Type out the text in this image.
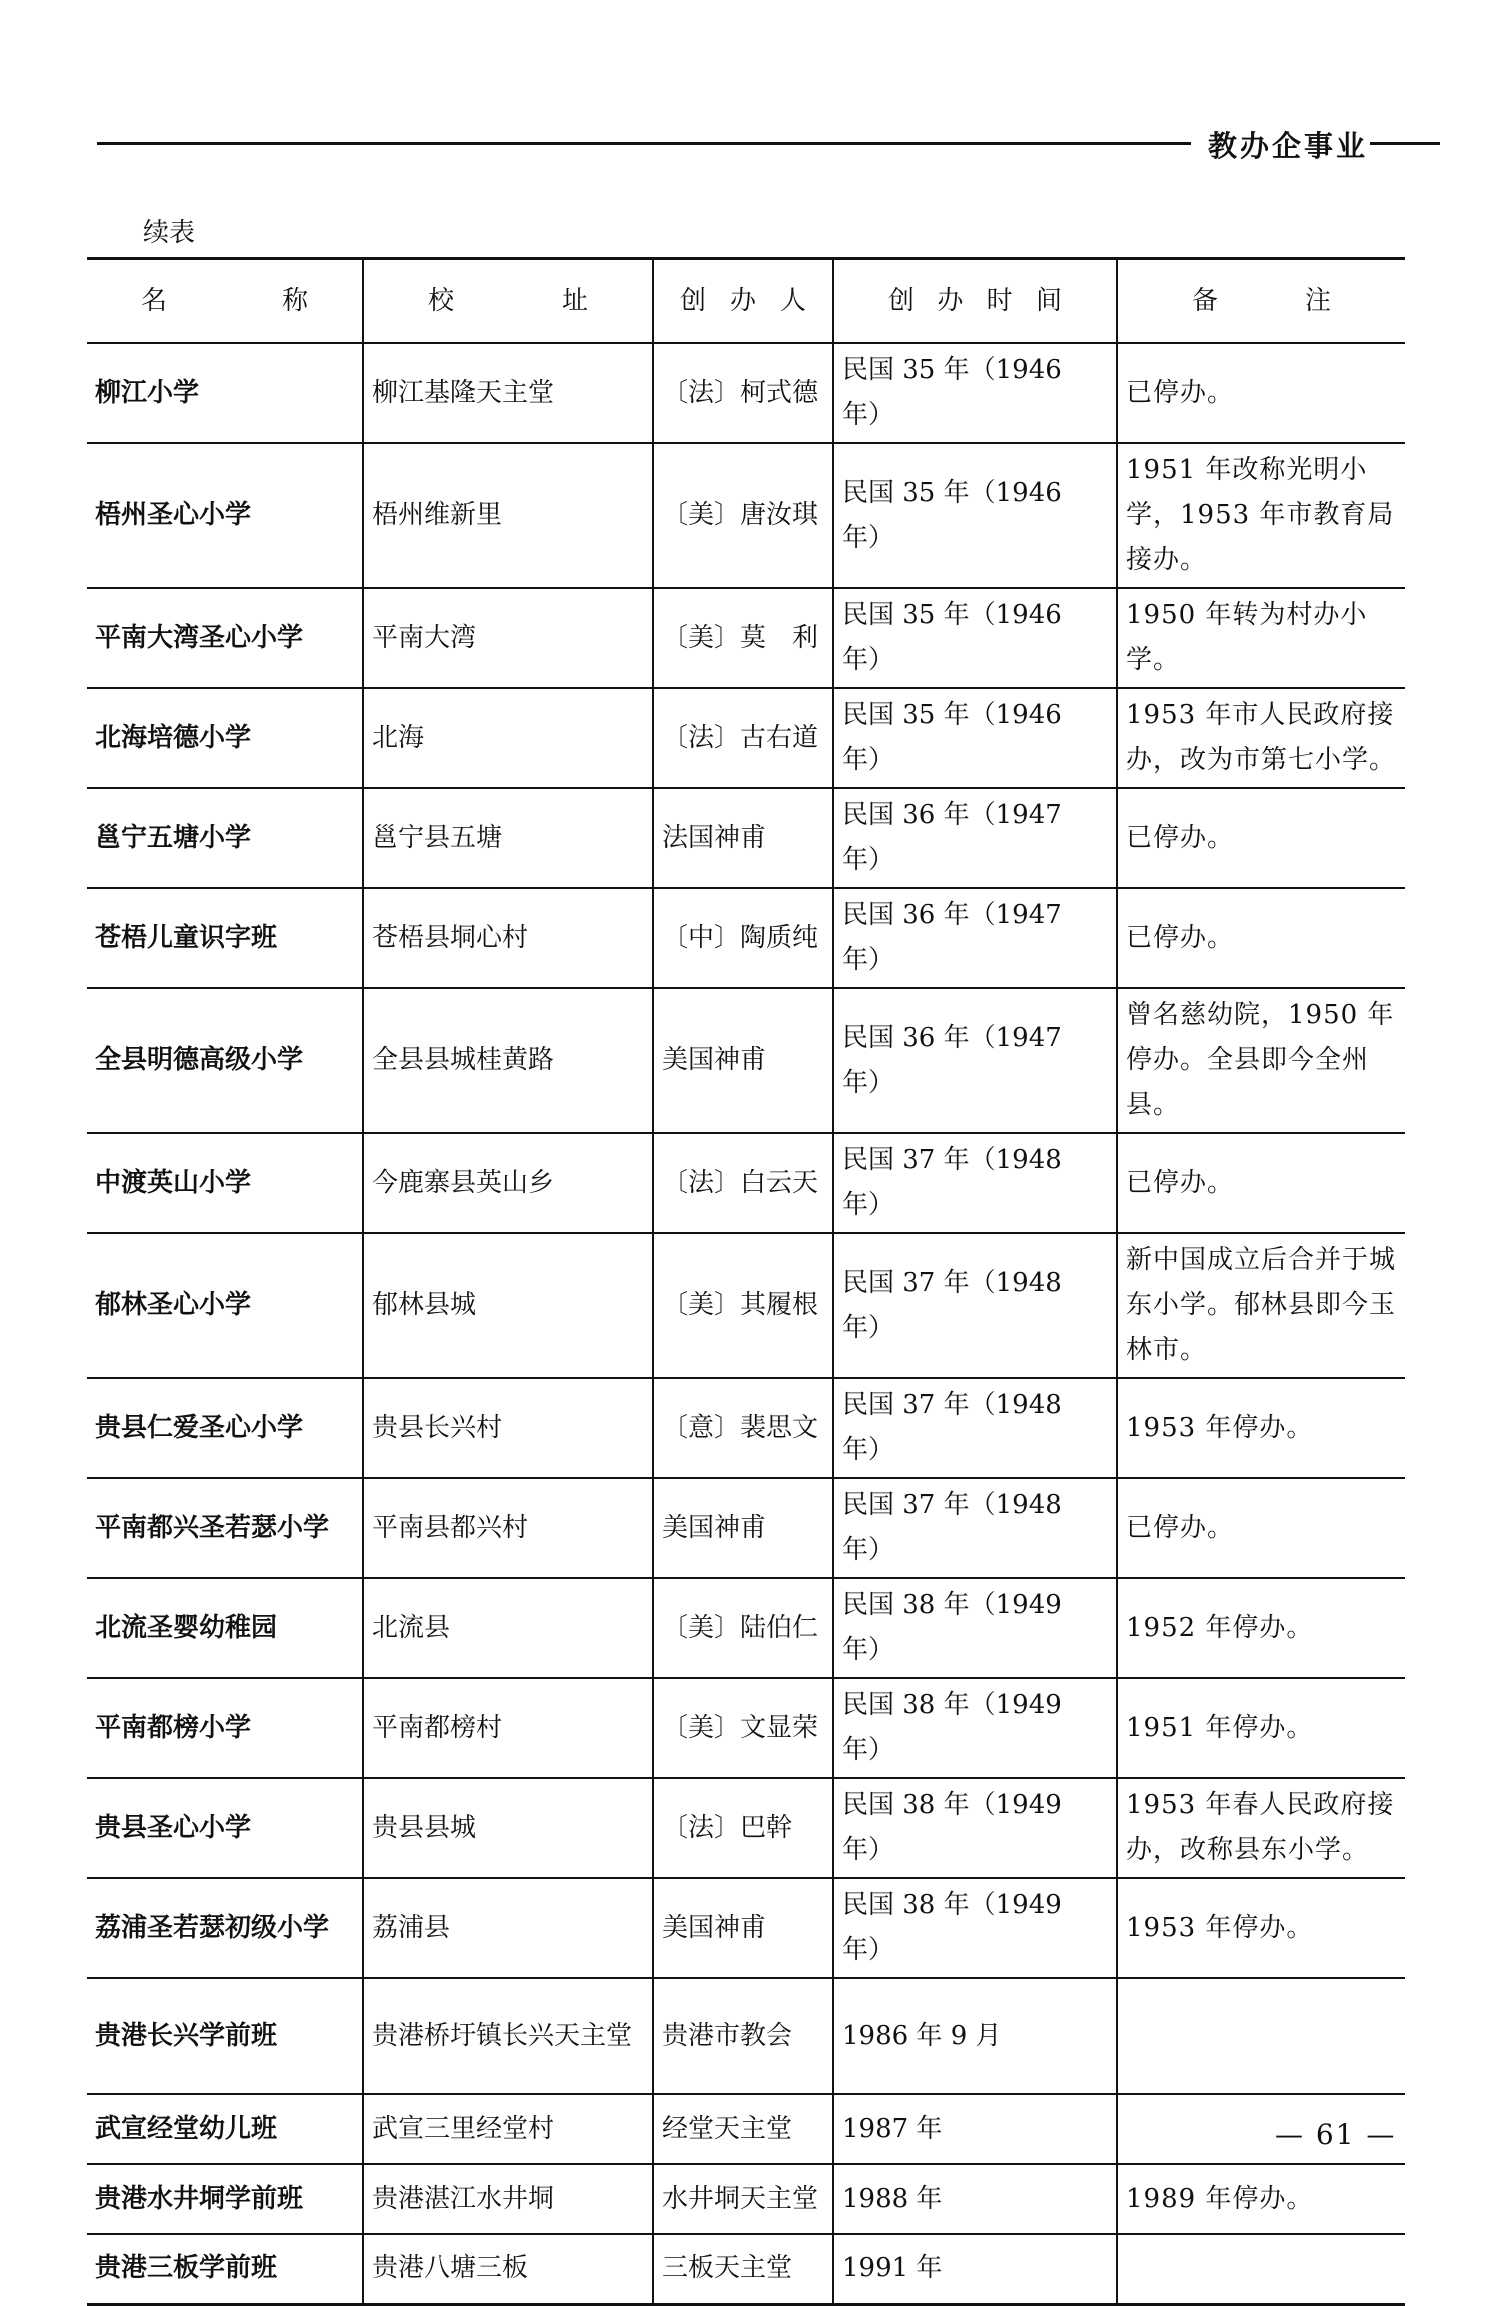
教办企事业
续表
名称	校址	创办人	创办时间	备注

柳江小学	柳江基隆天主堂	〔法〕柯式德	民国 35 年（1946 年）	已停办。
梧州圣心小学	梧州维新里	〔美〕唐汝琪	民国 35 年（1946 年）	1951 年改称光明小学，1953 年市教育局接办。
平南大湾圣心小学	平南大湾	〔美〕莫　利	民国 35 年（1946 年）	1950 年转为村办小学。
北海培德小学	北海	〔法〕古右道	民国 35 年（1946 年）	1953 年市人民政府接办，改为市第七小学。
邕宁五塘小学	邕宁县五塘	法国神甫	民国 36 年（1947 年）	已停办。
苍梧儿童识字班	苍梧县垌心村	〔中〕陶质纯	民国 36 年（1947 年）	已停办。
全县明德高级小学	全县县城桂黄路	美国神甫	民国 36 年（1947 年）	曾名慈幼院，1950 年停办。全县即今全州县。
中渡英山小学	今鹿寨县英山乡	〔法〕白云天	民国 37 年（1948 年）	已停办。
郁林圣心小学	郁林县城	〔美〕其履根	民国 37 年（1948 年）	新中国成立后合并于城东小学。郁林县即今玉林市。
贵县仁爱圣心小学	贵县长兴村	〔意〕裴思文	民国 37 年（1948 年）	1953 年停办。
平南都兴圣若瑟小学	平南县都兴村	美国神甫	民国 37 年（1948 年）	已停办。
北流圣婴幼稚园	北流县	〔美〕陆伯仁	民国 38 年（1949 年）	1952 年停办。
平南都榜小学	平南都榜村	〔美〕文显荣	民国 38 年（1949 年）	1951 年停办。
贵县圣心小学	贵县县城	〔法〕巴幹	民国 38 年（1949 年）	1953 年春人民政府接办，改称县东小学。
荔浦圣若瑟初级小学	荔浦县	美国神甫	民国 38 年（1949 年）	1953 年停办。
贵港长兴学前班	贵港桥圩镇长兴天主堂	贵港市教会	1986 年 9 月	
武宣经堂幼儿班	武宣三里经堂村	经堂天主堂	1987 年	
贵港水井垌学前班	贵港湛江水井垌	水井垌天主堂	1988 年	1989 年停办。
贵港三板学前班	贵港八塘三板	三板天主堂	1991 年	
— 61 —
